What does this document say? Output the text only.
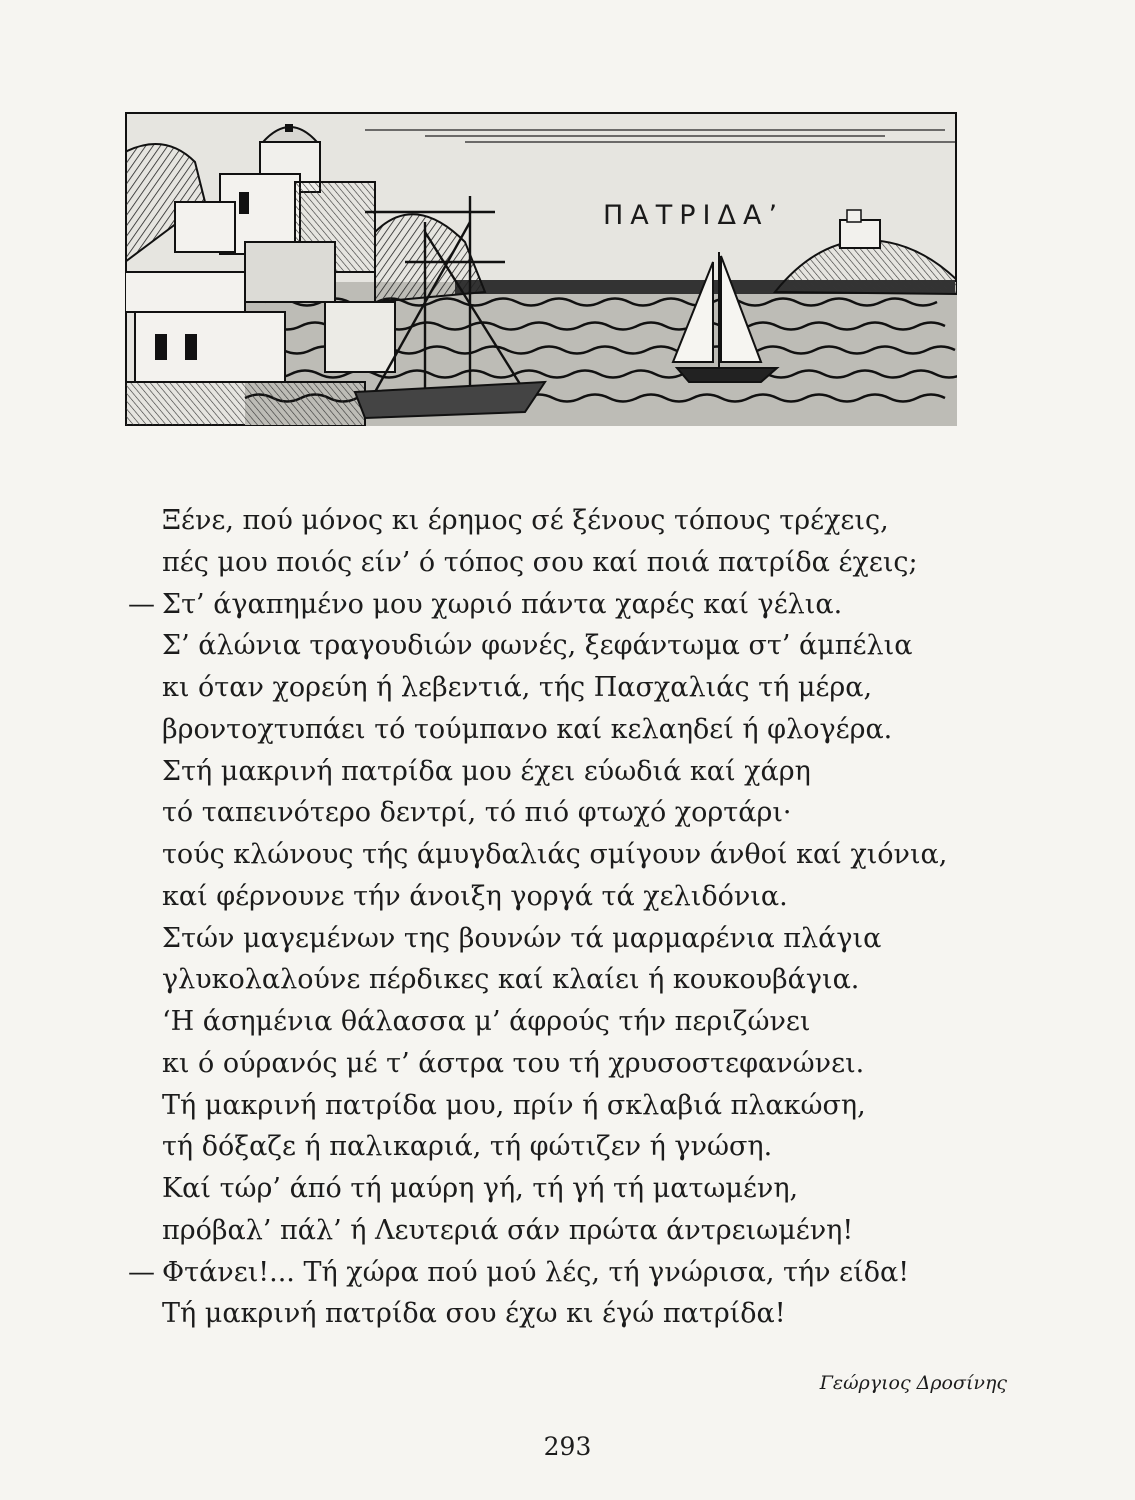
ΠΑΤΡΙΔΑ’
Ξένε, πού μόνος κι έρημος σέ ξένους τόπους τρέχεις,
πές μου ποιός είν’ ό τόπος σου καί ποιά πατρίδα έχεις;
— Στ’ άγαπημένο μου χωριό πάντα χαρές καί γέλια.
Σ’ άλώνια τραγουδιών φωνές, ξεφάντωμα στ’ άμπέλια
κι όταν χορεύη ή λεβεντιά, τής Πασχαλιάς τή μέρα,
βροντοχτυπάει τό τούμπανο καί κελαηδεί ή φλογέρα.
Στή μακρινή πατρίδα μου έχει εύωδιά καί χάρη
τό ταπεινότερο δεντρί, τό πιό φτωχό χορτάρι·
τούς κλώνους τής άμυγδαλιάς σμίγουν άνθοί καί χιόνια,
καί φέρνουνε τήν άνοιξη γοργά τά χελιδόνια.
Στών μαγεμένων της βουνών τά μαρμαρένια πλάγια
γλυκολαλούνε πέρδικες καί κλαίει ή κουκουβάγια.
‘Η άσημένια θάλασσα μ’ άφρούς τήν περιζώνει
κι ό ούρανός μέ τ’ άστρα του τή χρυσοστεφανώνει.
Τή μακρινή πατρίδα μου, πρίν ή σκλαβιά πλακώση,
τή δόξαζε ή παλικαριά, τή φώτιζεν ή γνώση.
Καί τώρ’ άπό τή μαύρη γή, τή γή τή ματωμένη,
πρόβαλ’ πάλ’ ή Λευτεριά σάν πρώτα άντρειωμένη!
— Φτάνει!... Τή χώρα πού μού λές, τή γνώρισα, τήν είδα!
Τή μακρινή πατρίδα σου έχω κι έγώ πατρίδα!
Γεώργιος Δροσίνης
293
